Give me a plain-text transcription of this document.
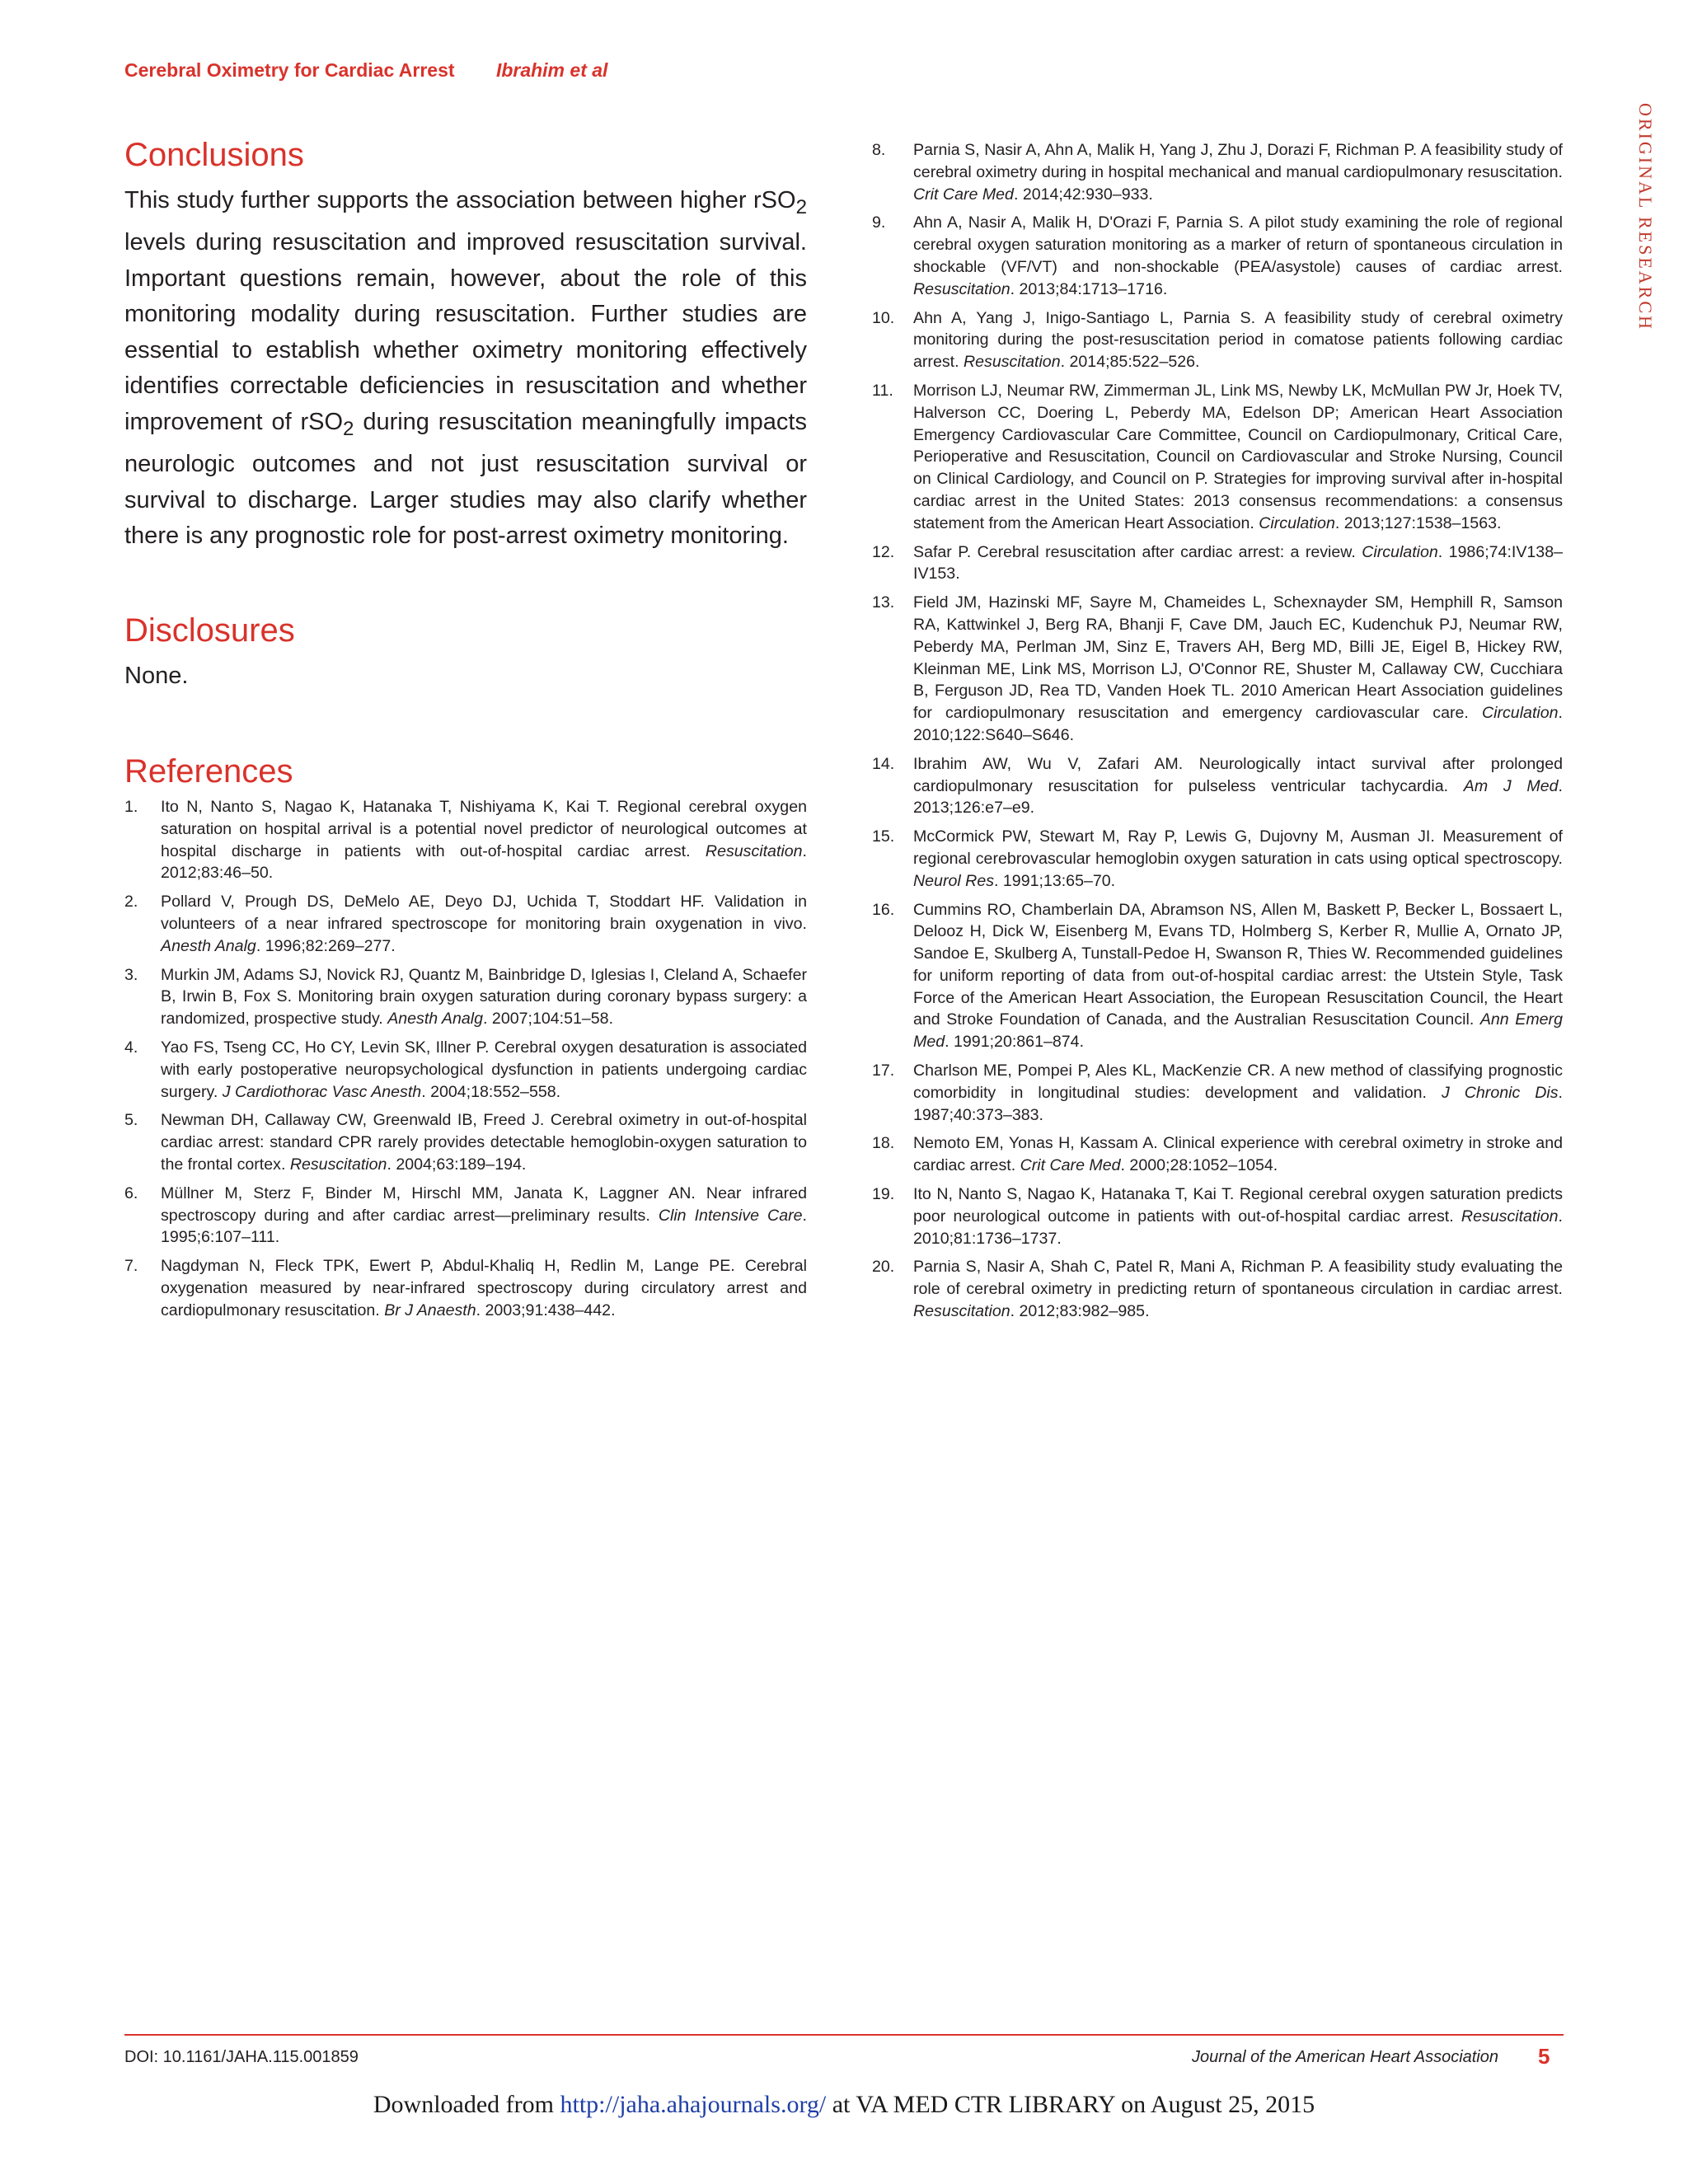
Cerebral Oximetry for Cardiac Arrest Ibrahim et al
ORIGINAL RESEARCH
Conclusions

This study further supports the association between higher rSO$_2$ levels during resuscitation and improved resuscitation survival. Important questions remain, however, about the role of this monitoring modality during resuscitation. Further studies are essential to establish whether oximetry monitoring effectively identifies correctable deficiencies in resuscitation and whether improvement of rSO$_2$ during resuscitation meaningfully impacts neurologic outcomes and not just resuscitation survival or survival to discharge. Larger studies may also clarify whether there is any prognostic role for post-arrest oximetry monitoring.

Disclosures

None.

References
1.	Ito N, Nanto S, Nagao K, Hatanaka T, Nishiyama K, Kai T. Regional cerebral oxygen saturation on hospital arrival is a potential novel predictor of neurological outcomes at hospital discharge in patients with out-of-hospital cardiac arrest. Resuscitation. 2012;83:46–50.
2.	Pollard V, Prough DS, DeMelo AE, Deyo DJ, Uchida T, Stoddart HF. Validation in volunteers of a near infrared spectroscope for monitoring brain oxygenation in vivo. Anesth Analg. 1996;82:269–277.
3.	Murkin JM, Adams SJ, Novick RJ, Quantz M, Bainbridge D, Iglesias I, Cleland A, Schaefer B, Irwin B, Fox S. Monitoring brain oxygen saturation during coronary bypass surgery: a randomized, prospective study. Anesth Analg. 2007;104:51–58.
4.	Yao FS, Tseng CC, Ho CY, Levin SK, Illner P. Cerebral oxygen desaturation is associated with early postoperative neuropsychological dysfunction in patients undergoing cardiac surgery. J Cardiothorac Vasc Anesth. 2004;18:552–558.
5.	Newman DH, Callaway CW, Greenwald IB, Freed J. Cerebral oximetry in out-of-hospital cardiac arrest: standard CPR rarely provides detectable hemoglobin-oxygen saturation to the frontal cortex. Resuscitation. 2004;63:189–194.
6.	Müllner M, Sterz F, Binder M, Hirschl MM, Janata K, Laggner AN. Near infrared spectroscopy during and after cardiac arrest—preliminary results. Clin Intensive Care. 1995;6:107–111.
7.	Nagdyman N, Fleck TPK, Ewert P, Abdul-Khaliq H, Redlin M, Lange PE. Cerebral oxygenation measured by near-infrared spectroscopy during circulatory arrest and cardiopulmonary resuscitation. Br J Anaesth. 2003;91:438–442.
8.	Parnia S, Nasir A, Ahn A, Malik H, Yang J, Zhu J, Dorazi F, Richman P. A feasibility study of cerebral oximetry during in hospital mechanical and manual cardiopulmonary resuscitation. Crit Care Med. 2014;42:930–933.
9.	Ahn A, Nasir A, Malik H, D'Orazi F, Parnia S. A pilot study examining the role of regional cerebral oxygen saturation monitoring as a marker of return of spontaneous circulation in shockable (VF/VT) and non-shockable (PEA/asystole) causes of cardiac arrest. Resuscitation. 2013;84:1713–1716.
10.	Ahn A, Yang J, Inigo-Santiago L, Parnia S. A feasibility study of cerebral oximetry monitoring during the post-resuscitation period in comatose patients following cardiac arrest. Resuscitation. 2014;85:522–526.
11.	Morrison LJ, Neumar RW, Zimmerman JL, Link MS, Newby LK, McMullan PW Jr, Hoek TV, Halverson CC, Doering L, Peberdy MA, Edelson DP; American Heart Association Emergency Cardiovascular Care Committee, Council on Cardiopulmonary, Critical Care, Perioperative and Resuscitation, Council on Cardiovascular and Stroke Nursing, Council on Clinical Cardiology, and Council on P. Strategies for improving survival after in-hospital cardiac arrest in the United States: 2013 consensus recommendations: a consensus statement from the American Heart Association. Circulation. 2013;127:1538–1563.
12.	Safar P. Cerebral resuscitation after cardiac arrest: a review. Circulation. 1986;74:IV138–IV153.
13.	Field JM, Hazinski MF, Sayre M, Chameides L, Schexnayder SM, Hemphill R, Samson RA, Kattwinkel J, Berg RA, Bhanji F, Cave DM, Jauch EC, Kudenchuk PJ, Neumar RW, Peberdy MA, Perlman JM, Sinz E, Travers AH, Berg MD, Billi JE, Eigel B, Hickey RW, Kleinman ME, Link MS, Morrison LJ, O'Connor RE, Shuster M, Callaway CW, Cucchiara B, Ferguson JD, Rea TD, Vanden Hoek TL. 2010 American Heart Association guidelines for cardiopulmonary resuscitation and emergency cardiovascular care. Circulation. 2010;122:S640–S646.
14.	Ibrahim AW, Wu V, Zafari AM. Neurologically intact survival after prolonged cardiopulmonary resuscitation for pulseless ventricular tachycardia. Am J Med. 2013;126:e7–e9.
15.	McCormick PW, Stewart M, Ray P, Lewis G, Dujovny M, Ausman JI. Measurement of regional cerebrovascular hemoglobin oxygen saturation in cats using optical spectroscopy. Neurol Res. 1991;13:65–70.
16.	Cummins RO, Chamberlain DA, Abramson NS, Allen M, Baskett P, Becker L, Bossaert L, Delooz H, Dick W, Eisenberg M, Evans TD, Holmberg S, Kerber R, Mullie A, Ornato JP, Sandoe E, Skulberg A, Tunstall-Pedoe H, Swanson R, Thies W. Recommended guidelines for uniform reporting of data from out-of-hospital cardiac arrest: the Utstein Style, Task Force of the American Heart Association, the European Resuscitation Council, the Heart and Stroke Foundation of Canada, and the Australian Resuscitation Council. Ann Emerg Med. 1991;20:861–874.
17.	Charlson ME, Pompei P, Ales KL, MacKenzie CR. A new method of classifying prognostic comorbidity in longitudinal studies: development and validation. J Chronic Dis. 1987;40:373–383.
18.	Nemoto EM, Yonas H, Kassam A. Clinical experience with cerebral oximetry in stroke and cardiac arrest. Crit Care Med. 2000;28:1052–1054.
19.	Ito N, Nanto S, Nagao K, Hatanaka T, Kai T. Regional cerebral oxygen saturation predicts poor neurological outcome in patients with out-of-hospital cardiac arrest. Resuscitation. 2010;81:1736–1737.
20.	Parnia S, Nasir A, Shah C, Patel R, Mani A, Richman P. A feasibility study evaluating the role of cerebral oximetry in predicting return of spontaneous circulation in cardiac arrest. Resuscitation. 2012;83:982–985.
DOI: 10.1161/JAHA.115.001859	Journal of the American Heart Association 5
Downloaded from http://jaha.ahajournals.org/ at VA MED CTR LIBRARY on August 25, 2015
